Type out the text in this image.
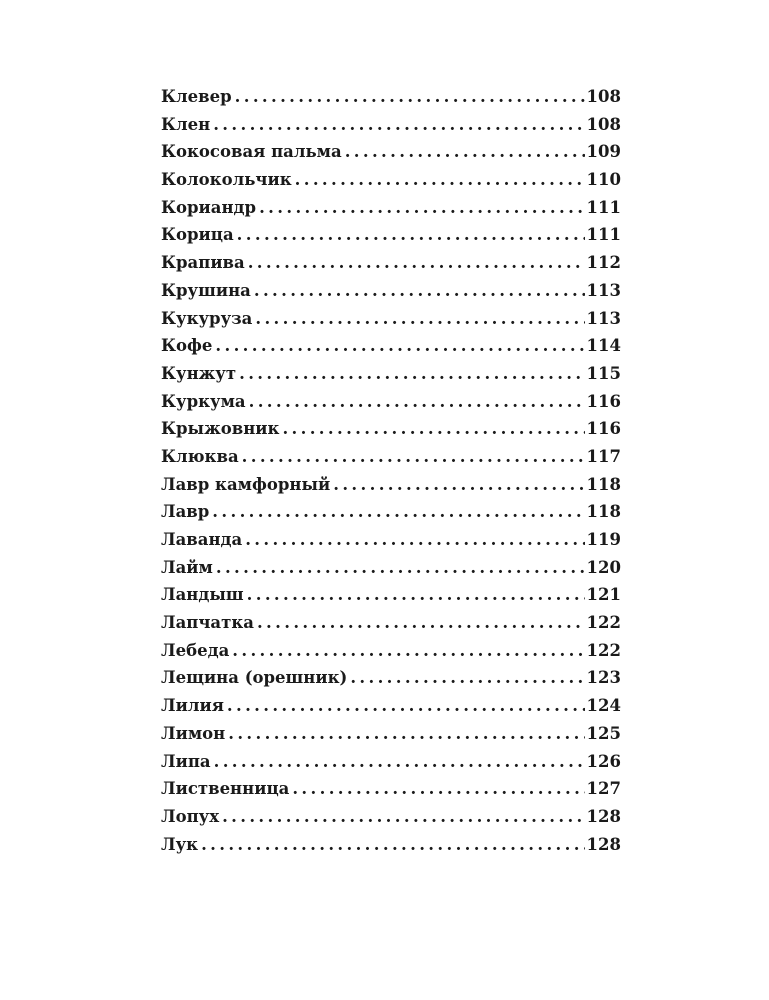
Клевер . . .	108
Клен . . .	108
Кокосовая пальма . . .	109
Колокольчик . . .	110
Кориандр . . .	111
Корица . . .	111
Крапива . . .	112
Крушина . . .	113
Кукуруза . . .	113
Кофе . . .	114
Кунжут . . .	115
Куркума . . .	116
Крыжовник . . .	116
Клюква . . .	117
Лавр камфорный . . .	118
Лавр . . .	118
Лаванда . . .	119
Лайм . . .	120
Ландыш . . .	121
Лапчатка . . .	122
Лебеда . . .	122
Лещина (орешник) . . .	123
Лилия . . .	124
Лимон . . .	125
Липа . . .	126
Лиственница . . .	127
Лопух . . .	128
Лук . . .	128
